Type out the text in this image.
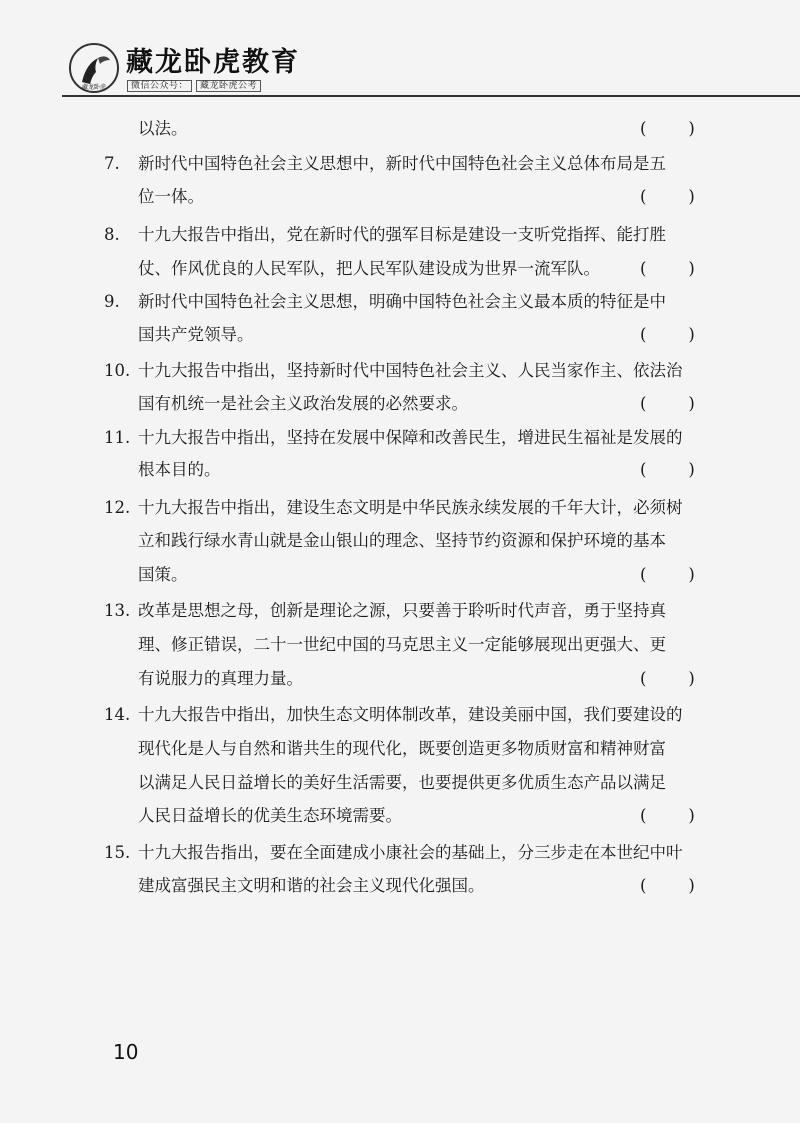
藏龙卧虎
藏龙卧虎教育
微信公众号： 藏龙卧虎公考
以法。	(        )
7.	新时代中国特色社会主义思想中，新时代中国特色社会主义总体布局是五
位一体。	(        )
8.	十九大报告中指出，党在新时代的强军目标是建设一支听党指挥、能打胜
仗、作风优良的人民军队，把人民军队建设成为世界一流军队。	(        )
9.	新时代中国特色社会主义思想，明确中国特色社会主义最本质的特征是中
国共产党领导。	(        )
10. 十九大报告中指出，坚持新时代中国特色社会主义、人民当家作主、依法治
国有机统一是社会主义政治发展的必然要求。	(        )
11. 十九大报告中指出，坚持在发展中保障和改善民生，增进民生福祉是发展的
根本目的。	(        )
12. 十九大报告中指出，建设生态文明是中华民族永续发展的千年大计，必须树
立和践行绿水青山就是金山银山的理念、坚持节约资源和保护环境的基本
国策。	(        )
13. 改革是思想之母，创新是理论之源，只要善于聆听时代声音，勇于坚持真
理、修正错误，二十一世纪中国的马克思主义一定能够展现出更强大、更
有说服力的真理力量。	(        )
14. 十九大报告中指出，加快生态文明体制改革，建设美丽中国，我们要建设的
现代化是人与自然和谐共生的现代化，既要创造更多物质财富和精神财富
以满足人民日益增长的美好生活需要，也要提供更多优质生态产品以满足
人民日益增长的优美生态环境需要。	(        )
15. 十九大报告指出，要在全面建成小康社会的基础上，分三步走在本世纪中叶
建成富强民主文明和谐的社会主义现代化强国。	(        )
10
